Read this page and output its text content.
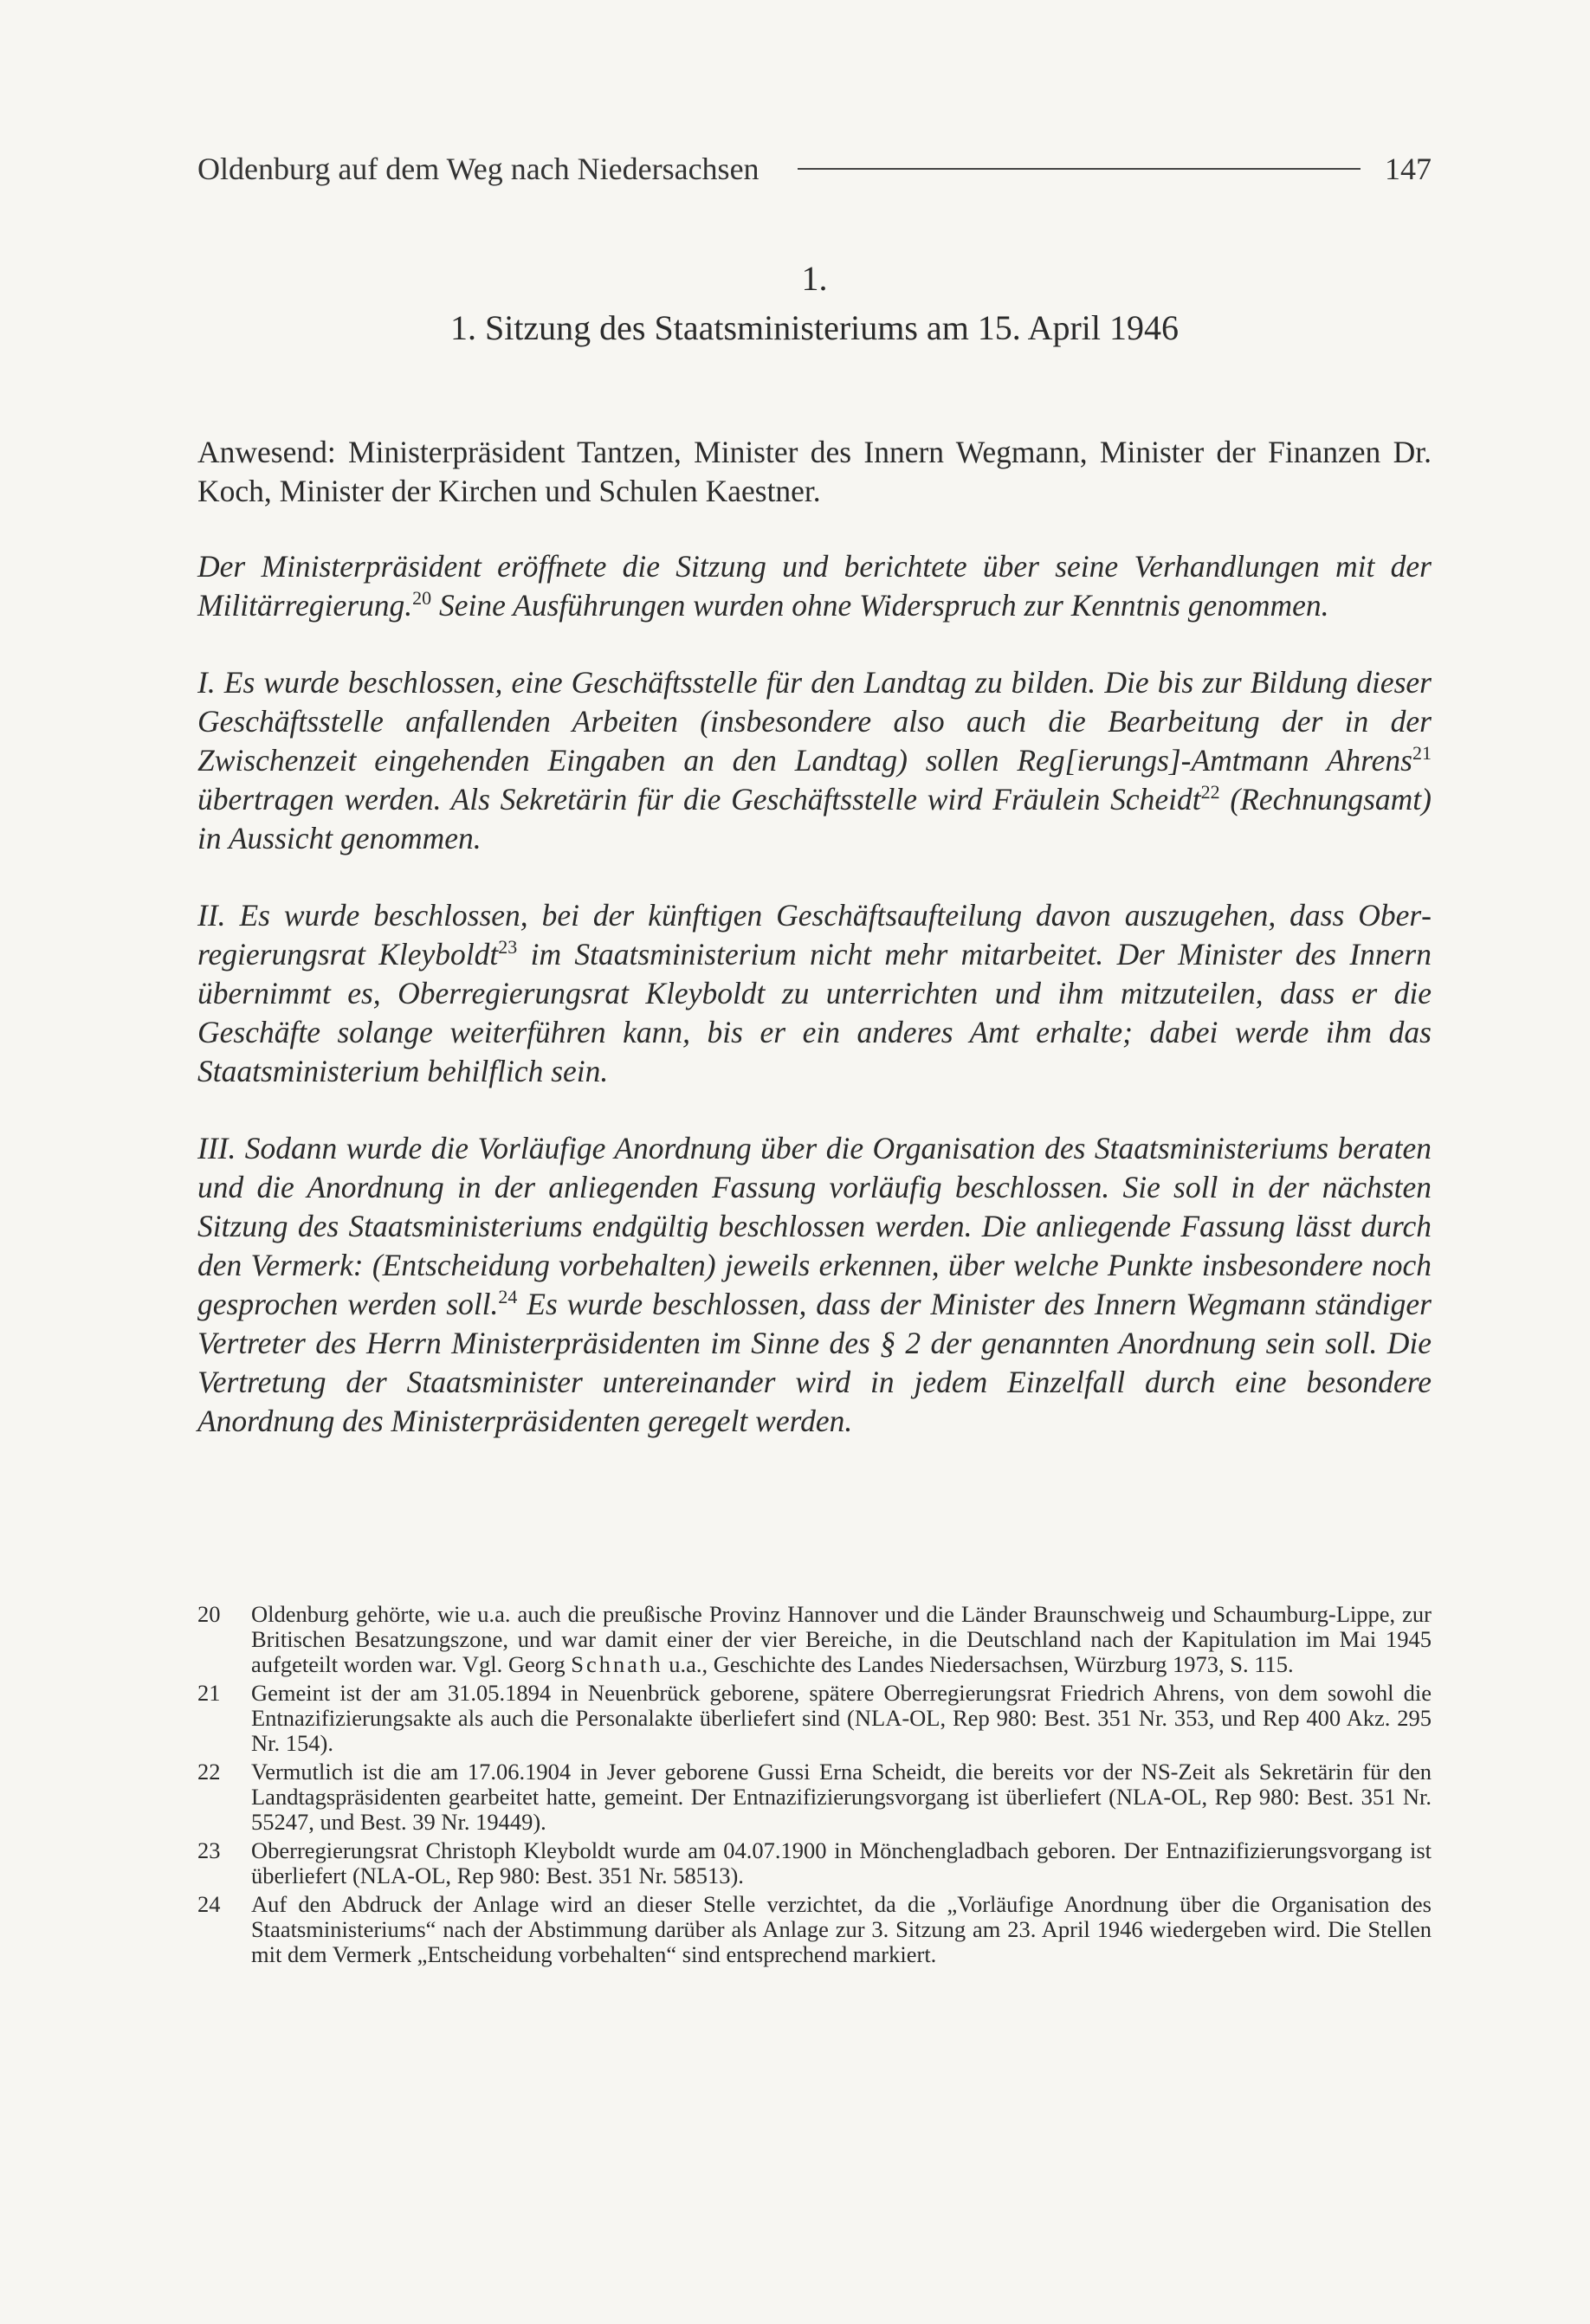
Oldenburg auf dem Weg nach Niedersachsen	147
1.
1. Sitzung des Staatsministeriums am 15. April 1946

Anwesend: Ministerpräsident Tantzen, Minister des Innern Wegmann, Minister der Finanzen Dr. Koch, Minister der Kirchen und Schulen Kaestner.

Der Ministerpräsident eröffnete die Sitzung und berichtete über seine Verhandlungen mit der Militärregierung.$^{20}$ Seine Ausführungen wurden ohne Widerspruch zur Kenntnis genommen.

I. Es wurde beschlossen, eine Geschäftsstelle für den Landtag zu bilden. Die bis zur Bildung dieser Geschäftsstelle anfallenden Arbeiten (insbesondere also auch die Bearbeitung der in der Zwischenzeit eingehenden Eingaben an den Landtag) sollen Reg[ierungs]-Amtmann Ahrens$^{21}$ übertragen werden. Als Sekretärin für die Geschäftsstelle wird Fräulein Scheidt$^{22}$ (Rechnungsamt) in Aussicht genommen.

II. Es wurde beschlossen, bei der künftigen Geschäftsaufteilung davon auszugehen, dass Oberregierungsrat Kleyboldt$^{23}$ im Staatsministerium nicht mehr mitarbeitet. Der Minister des Innern übernimmt es, Oberregierungsrat Kleyboldt zu unterrichten und ihm mitzuteilen, dass er die Geschäfte solange weiterführen kann, bis er ein anderes Amt erhalte; dabei werde ihm das Staatsministerium behilflich sein.

III. Sodann wurde die Vorläufige Anordnung über die Organisation des Staatsministeriums beraten und die Anordnung in der anliegenden Fassung vorläufig beschlossen. Sie soll in der nächsten Sitzung des Staatsministeriums endgültig beschlossen werden. Die anliegende Fassung lässt durch den Vermerk: (Entscheidung vorbehalten) jeweils erkennen, über welche Punkte insbesondere noch gesprochen werden soll.$^{24}$ Es wurde beschlossen, dass der Minister des Innern Wegmann ständiger Vertreter des Herrn Ministerpräsidenten im Sinne des § 2 der genannten Anordnung sein soll. Die Vertretung der Staatsminister untereinander wird in jedem Einzelfall durch eine besondere Anordnung des Ministerpräsidenten geregelt werden.

20	Oldenburg gehörte, wie u.a. auch die preußische Provinz Hannover und die Länder Braunschweig und Schaumburg-Lippe, zur Britischen Besatzungszone, und war damit einer der vier Bereiche, in die Deutschland nach der Kapitulation im Mai 1945 aufgeteilt worden war. Vgl. Georg Schnath u.a., Geschichte des Landes Niedersachsen, Würzburg 1973, S. 115.
21	Gemeint ist der am 31.05.1894 in Neuenbrück geborene, spätere Oberregierungsrat Friedrich Ahrens, von dem sowohl die Entnazifizierungsakte als auch die Personalakte überliefert sind (NLA-OL, Rep 980: Best. 351 Nr. 353, und Rep 400 Akz. 295 Nr. 154).
22	Vermutlich ist die am 17.06.1904 in Jever geborene Gussi Erna Scheidt, die bereits vor der NS-Zeit als Sekretärin für den Landtagspräsidenten gearbeitet hatte, gemeint. Der Entnazifizierungsvorgang ist überliefert (NLA-OL, Rep 980: Best. 351 Nr. 55247, und Best. 39 Nr. 19449).
23	Oberregierungsrat Christoph Kleyboldt wurde am 04.07.1900 in Mönchengladbach geboren. Der Entnazifizierungsvorgang ist überliefert (NLA-OL, Rep 980: Best. 351 Nr. 58513).
24	Auf den Abdruck der Anlage wird an dieser Stelle verzichtet, da die „Vorläufige Anordnung über die Organisation des Staatsministeriums“ nach der Abstimmung darüber als Anlage zur 3. Sitzung am 23. April 1946 wiedergeben wird. Die Stellen mit dem Vermerk „Entscheidung vorbehalten“ sind entsprechend markiert.
